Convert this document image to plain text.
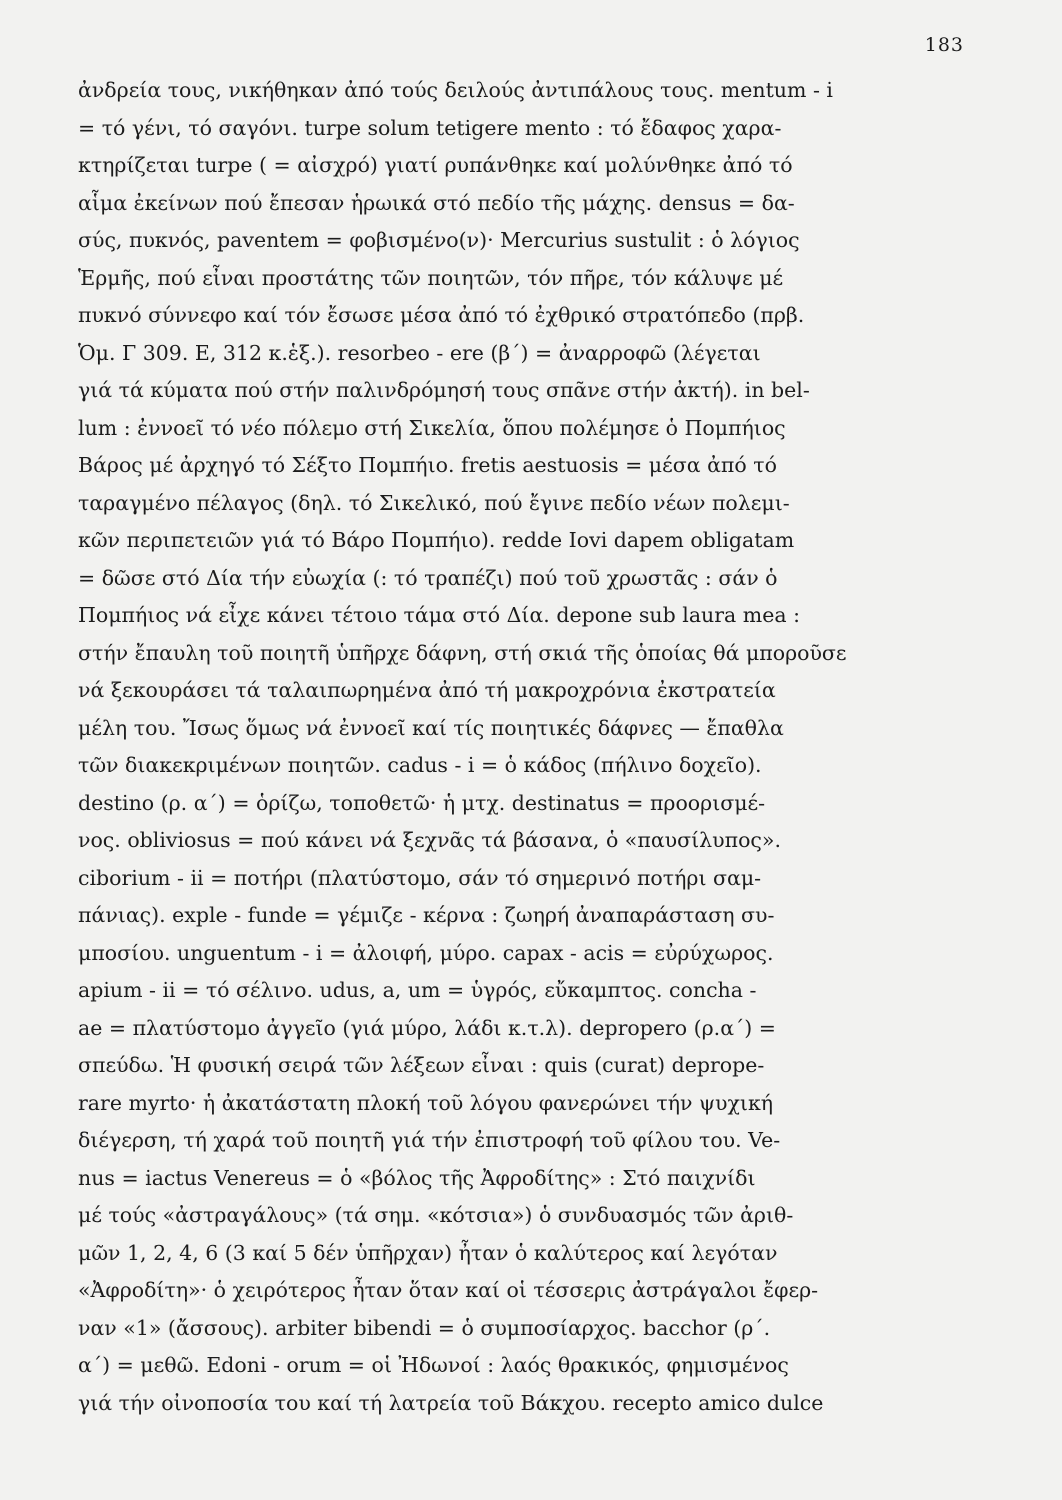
183
ἀνδρεία τους, νικήθηκαν ἀπό τούς δειλούς ἀντιπάλους τους. mentum - i
= τό γένι, τό σαγόνι. turpe solum tetigere mento : τό ἔδαφος χαρα-
κτηρίζεται turpe ( = αἰσχρό) γιατί ρυπάνθηκε καί μολύνθηκε ἀπό τό
αἷμα ἐκείνων πού ἔπεσαν ἡρωικά στό πεδίο τῆς μάχης. densus = δα-
σύς, πυκνός, paventem = φοβισμένο(ν)· Mercurius sustulit : ὁ λόγιος
Ἑρμῆς, πού εἶναι προστάτης τῶν ποιητῶν, τόν πῆρε, τόν κάλυψε μέ
πυκνό σύννεφο καί τόν ἔσωσε μέσα ἀπό τό ἐχθρικό στρατόπεδο (πρβ.
Ὁμ. Γ 309. Ε, 312 κ.ἑξ.). resorbeo - ere (β΄) = ἀναρροφῶ (λέγεται
γιά τά κύματα πού στήν παλινδρόμησή τους σπᾶνε στήν ἀκτή). in bel-
lum : ἐννοεῖ τό νέο πόλεμο στή Σικελία, ὅπου πολέμησε ὁ Πομπήιος
Βάρος μέ ἀρχηγό τό Σέξτο Πομπήιο. fretis aestuosis = μέσα ἀπό τό
ταραγμένο πέλαγος (δηλ. τό Σικελικό, πού ἔγινε πεδίο νέων πολεμι-
κῶν περιπετειῶν γιά τό Βάρο Πομπήιο). redde Iovi dapem obligatam
= δῶσε στό Δία τήν εὐωχία (: τό τραπέζι) πού τοῦ χρωστᾶς : σάν ὁ
Πομπήιος νά εἶχε κάνει τέτοιο τάμα στό Δία. depone sub laura mea :
στήν ἔπαυλη τοῦ ποιητῆ ὑπῆρχε δάφνη, στή σκιά τῆς ὁποίας θά μποροῦσε
νά ξεκουράσει τά ταλαιπωρημένα ἀπό τή μακροχρόνια ἐκστρατεία
μέλη του. Ἴσως ὅμως νά ἐννοεῖ καί τίς ποιητικές δάφνες — ἔπαθλα
τῶν διακεκριμένων ποιητῶν. cadus - i = ὁ κάδος (πήλινο δοχεῖο).
destino (ρ. α΄) = ὁρίζω, τοποθετῶ· ἡ μτχ. destinatus = προορισμέ-
νος. obliviosus = πού κάνει νά ξεχνᾶς τά βάσανα, ὁ «παυσίλυπος».
ciborium - ii = ποτήρι (πλατύστομο, σάν τό σημερινό ποτήρι σαμ-
πάνιας). exple - funde = γέμιζε - κέρνα : ζωηρή ἀναπαράσταση συ-
μποσίου. unguentum - i = ἀλοιφή, μύρο. capax - acis = εὐρύχωρος.
apium - ii = τό σέλινο. udus, a, um = ὑγρός, εὔκαμπτος. concha -
ae = πλατύστομο ἀγγεῖο (γιά μύρο, λάδι κ.τ.λ). depropero (ρ.α΄) =
σπεύδω. Ἡ φυσική σειρά τῶν λέξεων εἶναι : quis (curat) deprope-
rare myrto· ἡ ἀκατάστατη πλοκή τοῦ λόγου φανερώνει τήν ψυχική
διέγερση, τή χαρά τοῦ ποιητῆ γιά τήν ἐπιστροφή τοῦ φίλου του. Ve-
nus = iactus Venereus = ὁ «βόλος τῆς Ἀφροδίτης» : Στό παιχνίδι
μέ τούς «ἀστραγάλους» (τά σημ. «κότσια») ὁ συνδυασμός τῶν ἀριθ-
μῶν 1, 2, 4, 6 (3 καί 5 δέν ὑπῆρχαν) ἦταν ὁ καλύτερος καί λεγόταν
«Ἀφροδίτη»· ὁ χειρότερος ἦταν ὅταν καί οἱ τέσσερις ἀστράγαλοι ἔφερ-
ναν «1» (ἄσσους). arbiter bibendi = ὁ συμποσίαρχος. bacchor (ρ΄.
α΄) = μεθῶ. Edoni - orum = οἱ Ἠδωνοί : λαός θρακικός, φημισμένος
γιά τήν οἰνοποσία του καί τή λατρεία τοῦ Βάκχου. recepto amico dulce
